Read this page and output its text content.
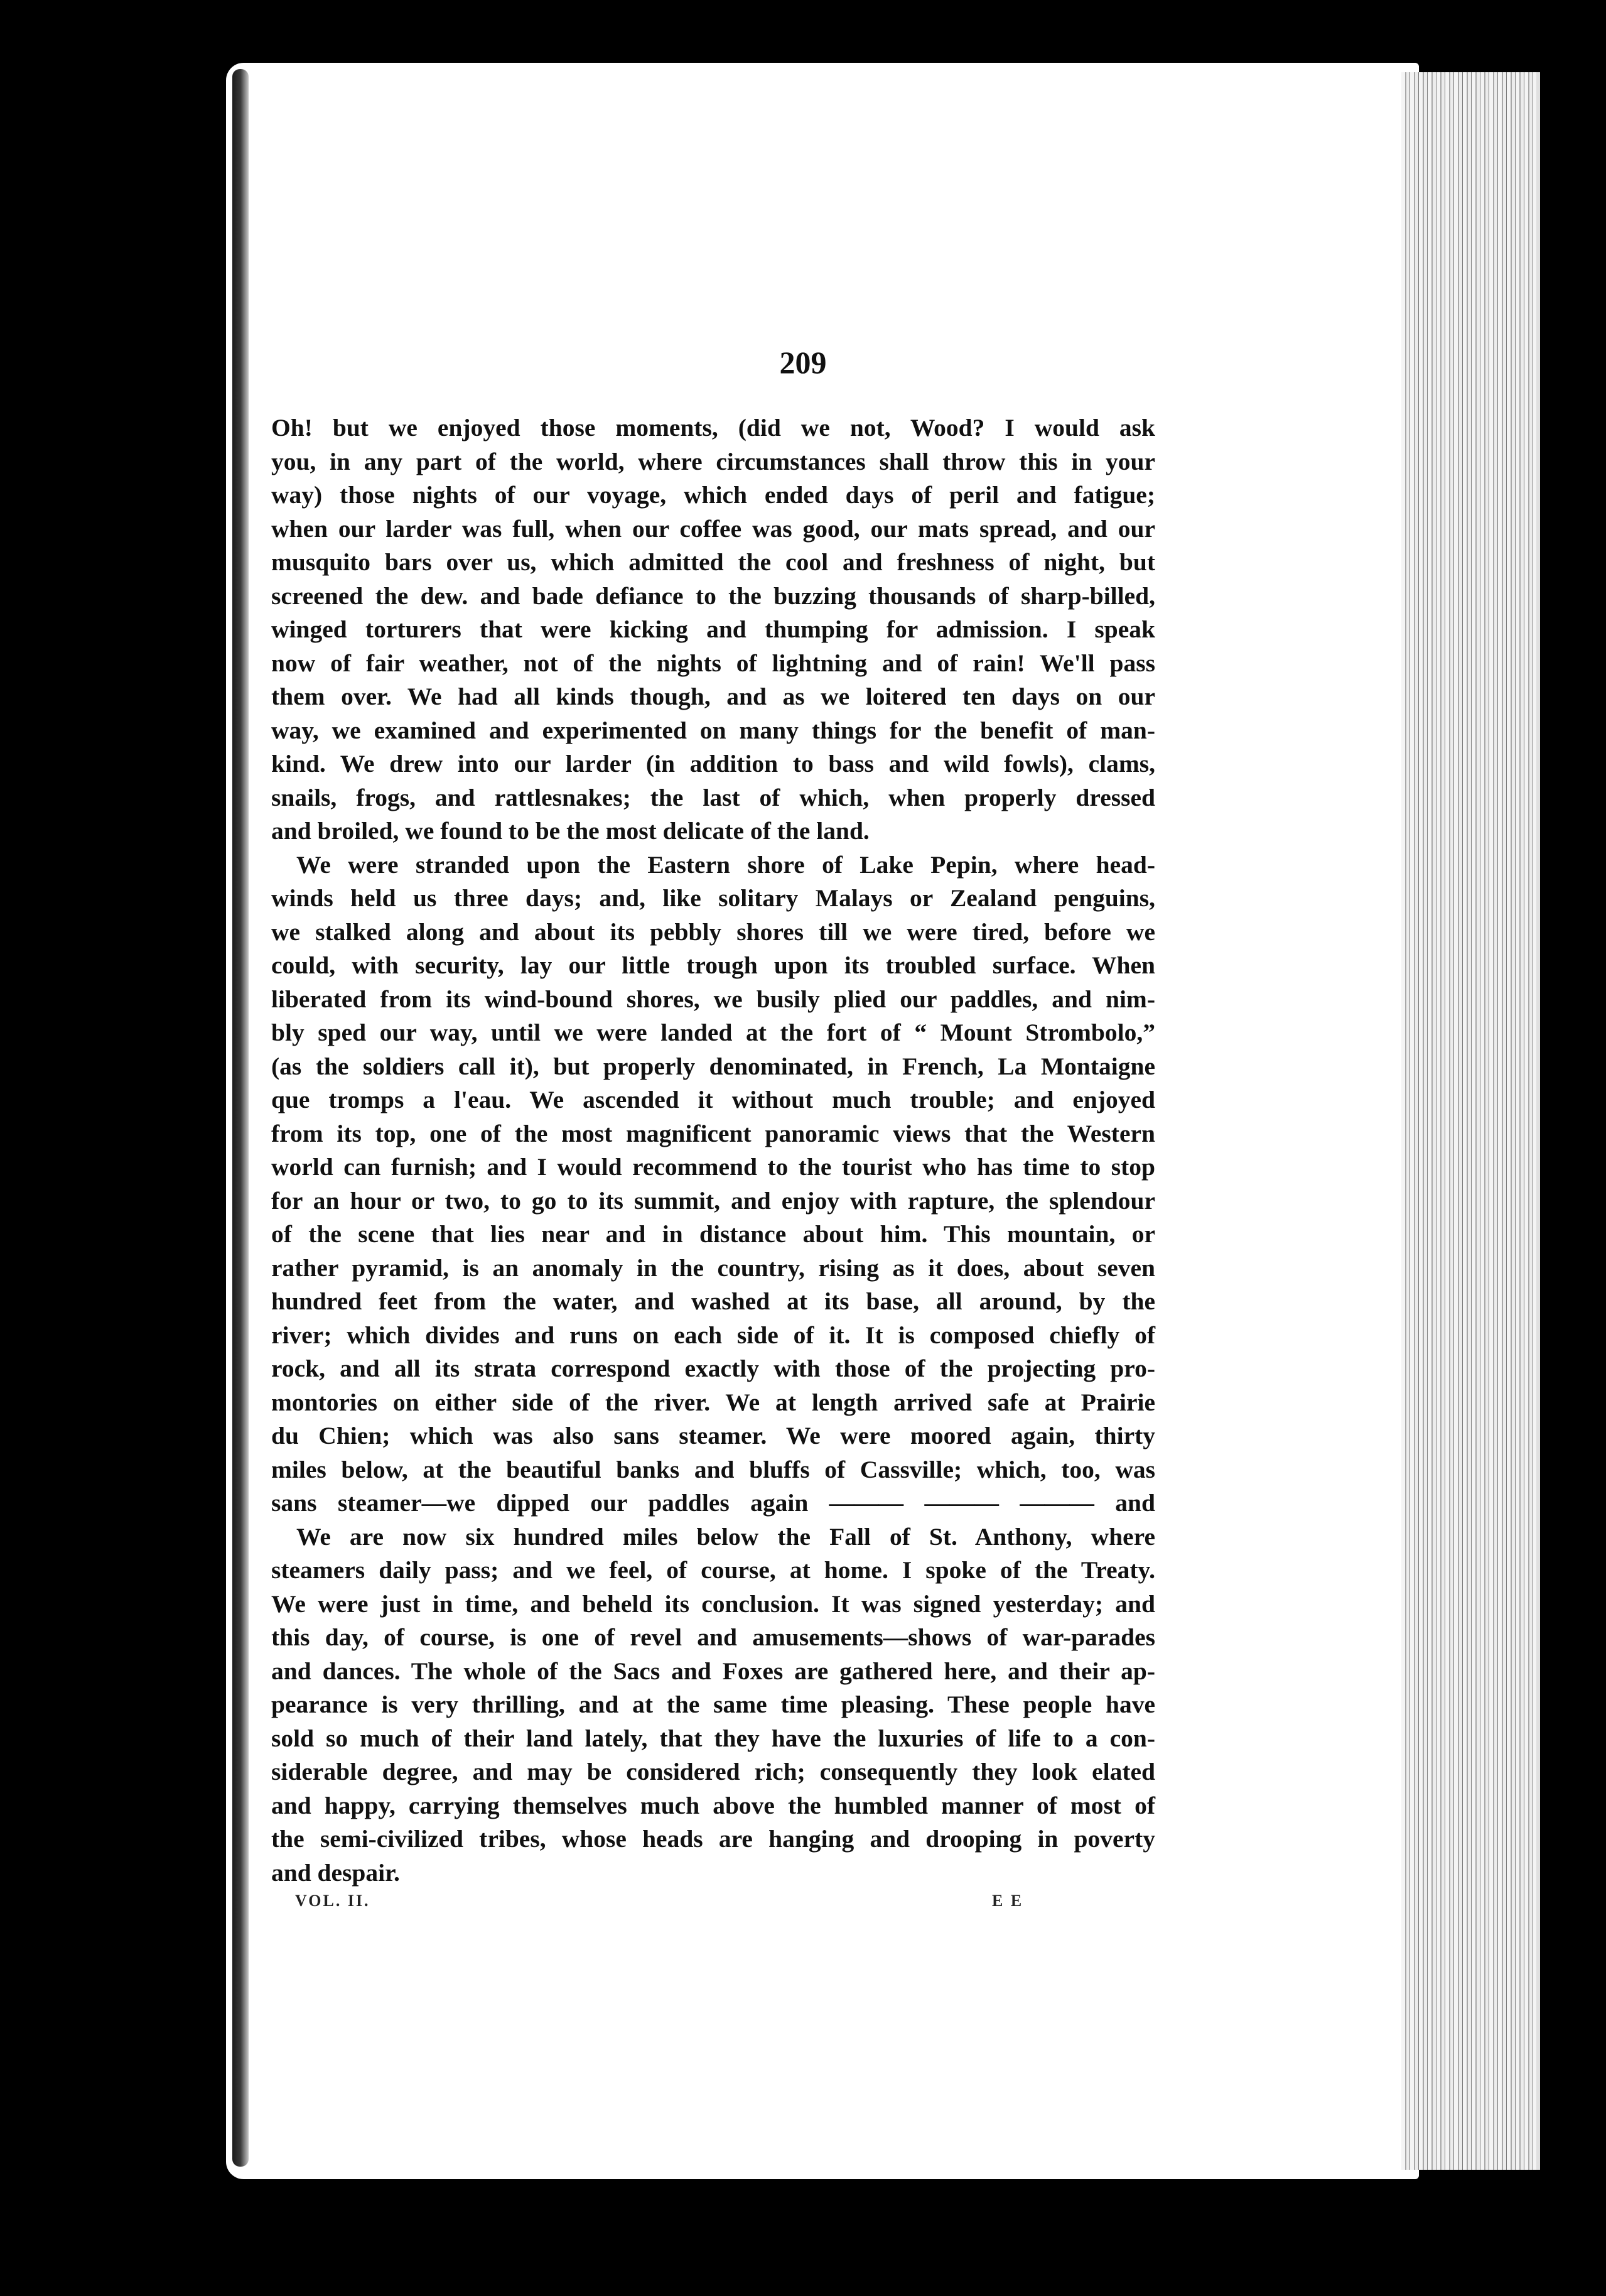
209
Oh! but we enjoyed those moments, (did we not, Wood? I would ask
you, in any part of the world, where circumstances shall throw this in your
way) those nights of our voyage, which ended days of peril and fatigue;
when our larder was full, when our coffee was good, our mats spread, and our
musquito bars over us, which admitted the cool and freshness of night, but
screened the dew. and bade defiance to the buzzing thousands of sharp-billed,
winged torturers that were kicking and thumping for admission. I speak
now of fair weather, not of the nights of lightning and of rain! We'll pass
them over. We had all kinds though, and as we loitered ten days on our
way, we examined and experimented on many things for the benefit of man-
kind. We drew into our larder (in addition to bass and wild fowls), clams,
snails, frogs, and rattlesnakes; the last of which, when properly dressed
and broiled, we found to be the most delicate of the land.
We were stranded upon the Eastern shore of Lake Pepin, where head-
winds held us three days; and, like solitary Malays or Zealand penguins,
we stalked along and about its pebbly shores till we were tired, before we
could, with security, lay our little trough upon its troubled surface. When
liberated from its wind-bound shores, we busily plied our paddles, and nim-
bly sped our way, until we were landed at the fort of “ Mount Strombolo,”
(as the soldiers call it), but properly denominated, in French, La Montaigne
que tromps a l'eau. We ascended it without much trouble; and enjoyed
from its top, one of the most magnificent panoramic views that the Western
world can furnish; and I would recommend to the tourist who has time to stop
for an hour or two, to go to its summit, and enjoy with rapture, the splendour
of the scene that lies near and in distance about him. This mountain, or
rather pyramid, is an anomaly in the country, rising as it does, about seven
hundred feet from the water, and washed at its base, all around, by the
river; which divides and runs on each side of it. It is composed chiefly of
rock, and all its strata correspond exactly with those of the projecting pro-
montories on either side of the river. We at length arrived safe at Prairie
du Chien; which was also sans steamer. We were moored again, thirty
miles below, at the beautiful banks and bluffs of Cassville; which, too, was
sans steamer—we dipped our paddles again ——— ——— ——— and
We are now six hundred miles below the Fall of St. Anthony, where
steamers daily pass; and we feel, of course, at home. I spoke of the Treaty.
We were just in time, and beheld its conclusion. It was signed yesterday; and
this day, of course, is one of revel and amusements—shows of war-parades
and dances. The whole of the Sacs and Foxes are gathered here, and their ap-
pearance is very thrilling, and at the same time pleasing. These people have
sold so much of their land lately, that they have the luxuries of life to a con-
siderable degree, and may be considered rich; consequently they look elated
and happy, carrying themselves much above the humbled manner of most of
the semi-civilized tribes, whose heads are hanging and drooping in poverty
and despair.
VOL. II.	E E
